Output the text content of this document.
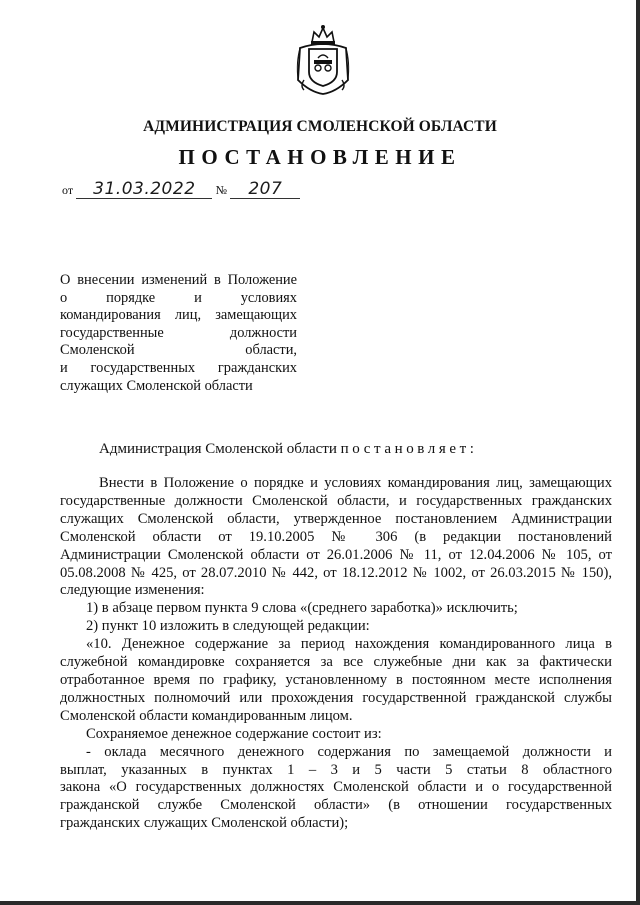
АДМИНИСТРАЦИЯ СМОЛЕНСКОЙ ОБЛАСТИ
ПОСТАНОВЛЕНИЕ
от 31.03.2022 № 207
О внесении изменений в Положение
о порядке и условиях
командирования лиц, замещающих
государственные должности
Смоленской области,
и государственных гражданских
служащих Смоленской области
Администрация Смоленской области постановляет:
Внести в Положение о порядке и условиях командирования лиц, замещающих
государственные должности Смоленской области, и государственных гражданских
служащих Смоленской области, утвержденное постановлением Администрации
Смоленской области от 19.10.2005 № 306 (в редакции постановлений
Администрации Смоленской области от 26.01.2006 № 11, от 12.04.2006 № 105, от
05.08.2008 № 425, от 28.07.2010 № 442, от 18.12.2012 № 1002, от 26.03.2015 № 150),
следующие изменения:
1) в абзаце первом пункта 9 слова «(среднего заработка)» исключить;
2) пункт 10 изложить в следующей редакции:
«10. Денежное содержание за период нахождения командированного лица в
служебной командировке сохраняется за все служебные дни как за фактически
отработанное время по графику, установленному в постоянном месте исполнения
должностных полномочий или прохождения государственной гражданской службы
Смоленской области командированным лицом.
Сохраняемое денежное содержание состоит из:
- оклада месячного денежного содержания по замещаемой должности и
выплат, указанных в пунктах 1 – 3 и 5 части 5 статьи 8 областного
закона «О государственных должностях Смоленской области и о государственной
гражданской службе Смоленской области» (в отношении государственных
гражданских служащих Смоленской области);
